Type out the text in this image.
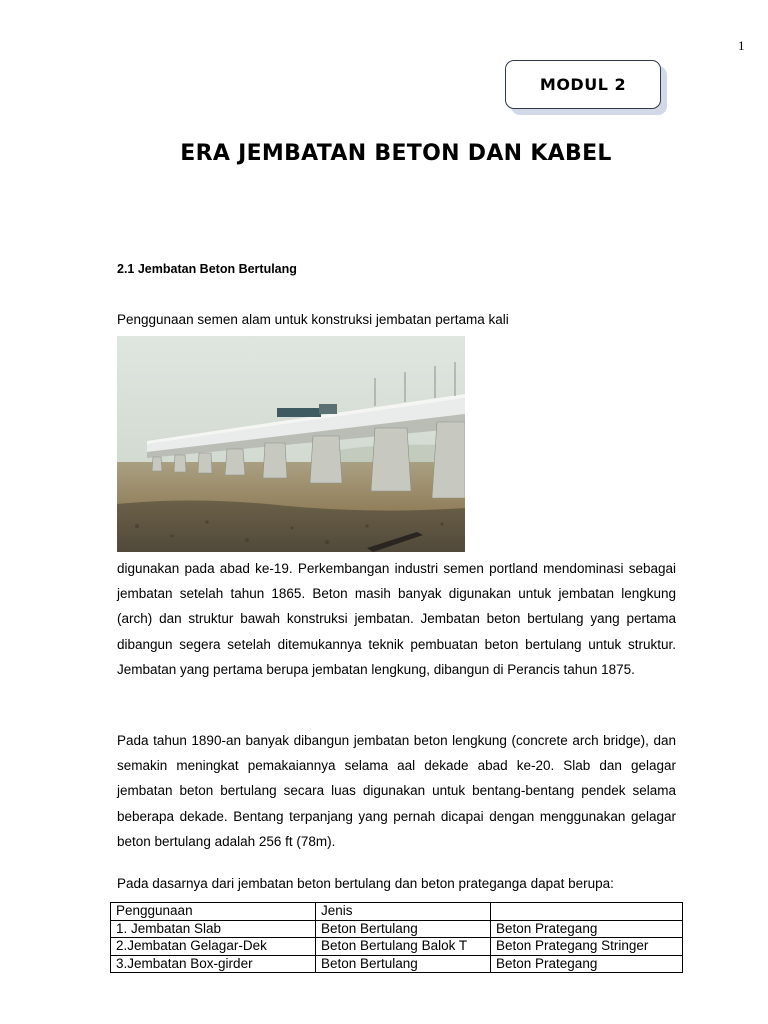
1
MODUL 2
ERA JEMBATAN BETON DAN KABEL
2.1 Jembatan Beton Bertulang
Penggunaan semen alam untuk konstruksi jembatan pertama kali

digunakan pada abad ke-19. Perkembangan industri semen portland mendominasi sebagai jembatan setelah tahun 1865. Beton masih banyak digunakan untuk jembatan lengkung (arch) dan struktur bawah konstruksi jembatan. Jembatan beton bertulang yang pertama dibangun segera setelah ditemukannya teknik pembuatan beton bertulang untuk struktur. Jembatan yang pertama berupa jembatan lengkung, dibangun di Perancis tahun 1875.

Pada tahun 1890-an banyak dibangun jembatan beton lengkung (concrete arch bridge), dan semakin meningkat pemakaiannya selama aal dekade abad ke-20. Slab dan gelagar jembatan beton bertulang secara luas digunakan untuk bentang-bentang pendek selama beberapa dekade. Bentang terpanjang yang pernah dicapai dengan menggunakan gelagar beton bertulang adalah 256 ft (78m).

Pada dasarnya dari jembatan beton bertulang dan beton prateganga dapat berupa:
Penggunaan	Jenis	
1. Jembatan Slab	Beton Bertulang	Beton Prategang
2.Jembatan Gelagar-Dek	Beton Bertulang Balok T	Beton Prategang Stringer
3.Jembatan Box-girder	Beton Bertulang	Beton Prategang
